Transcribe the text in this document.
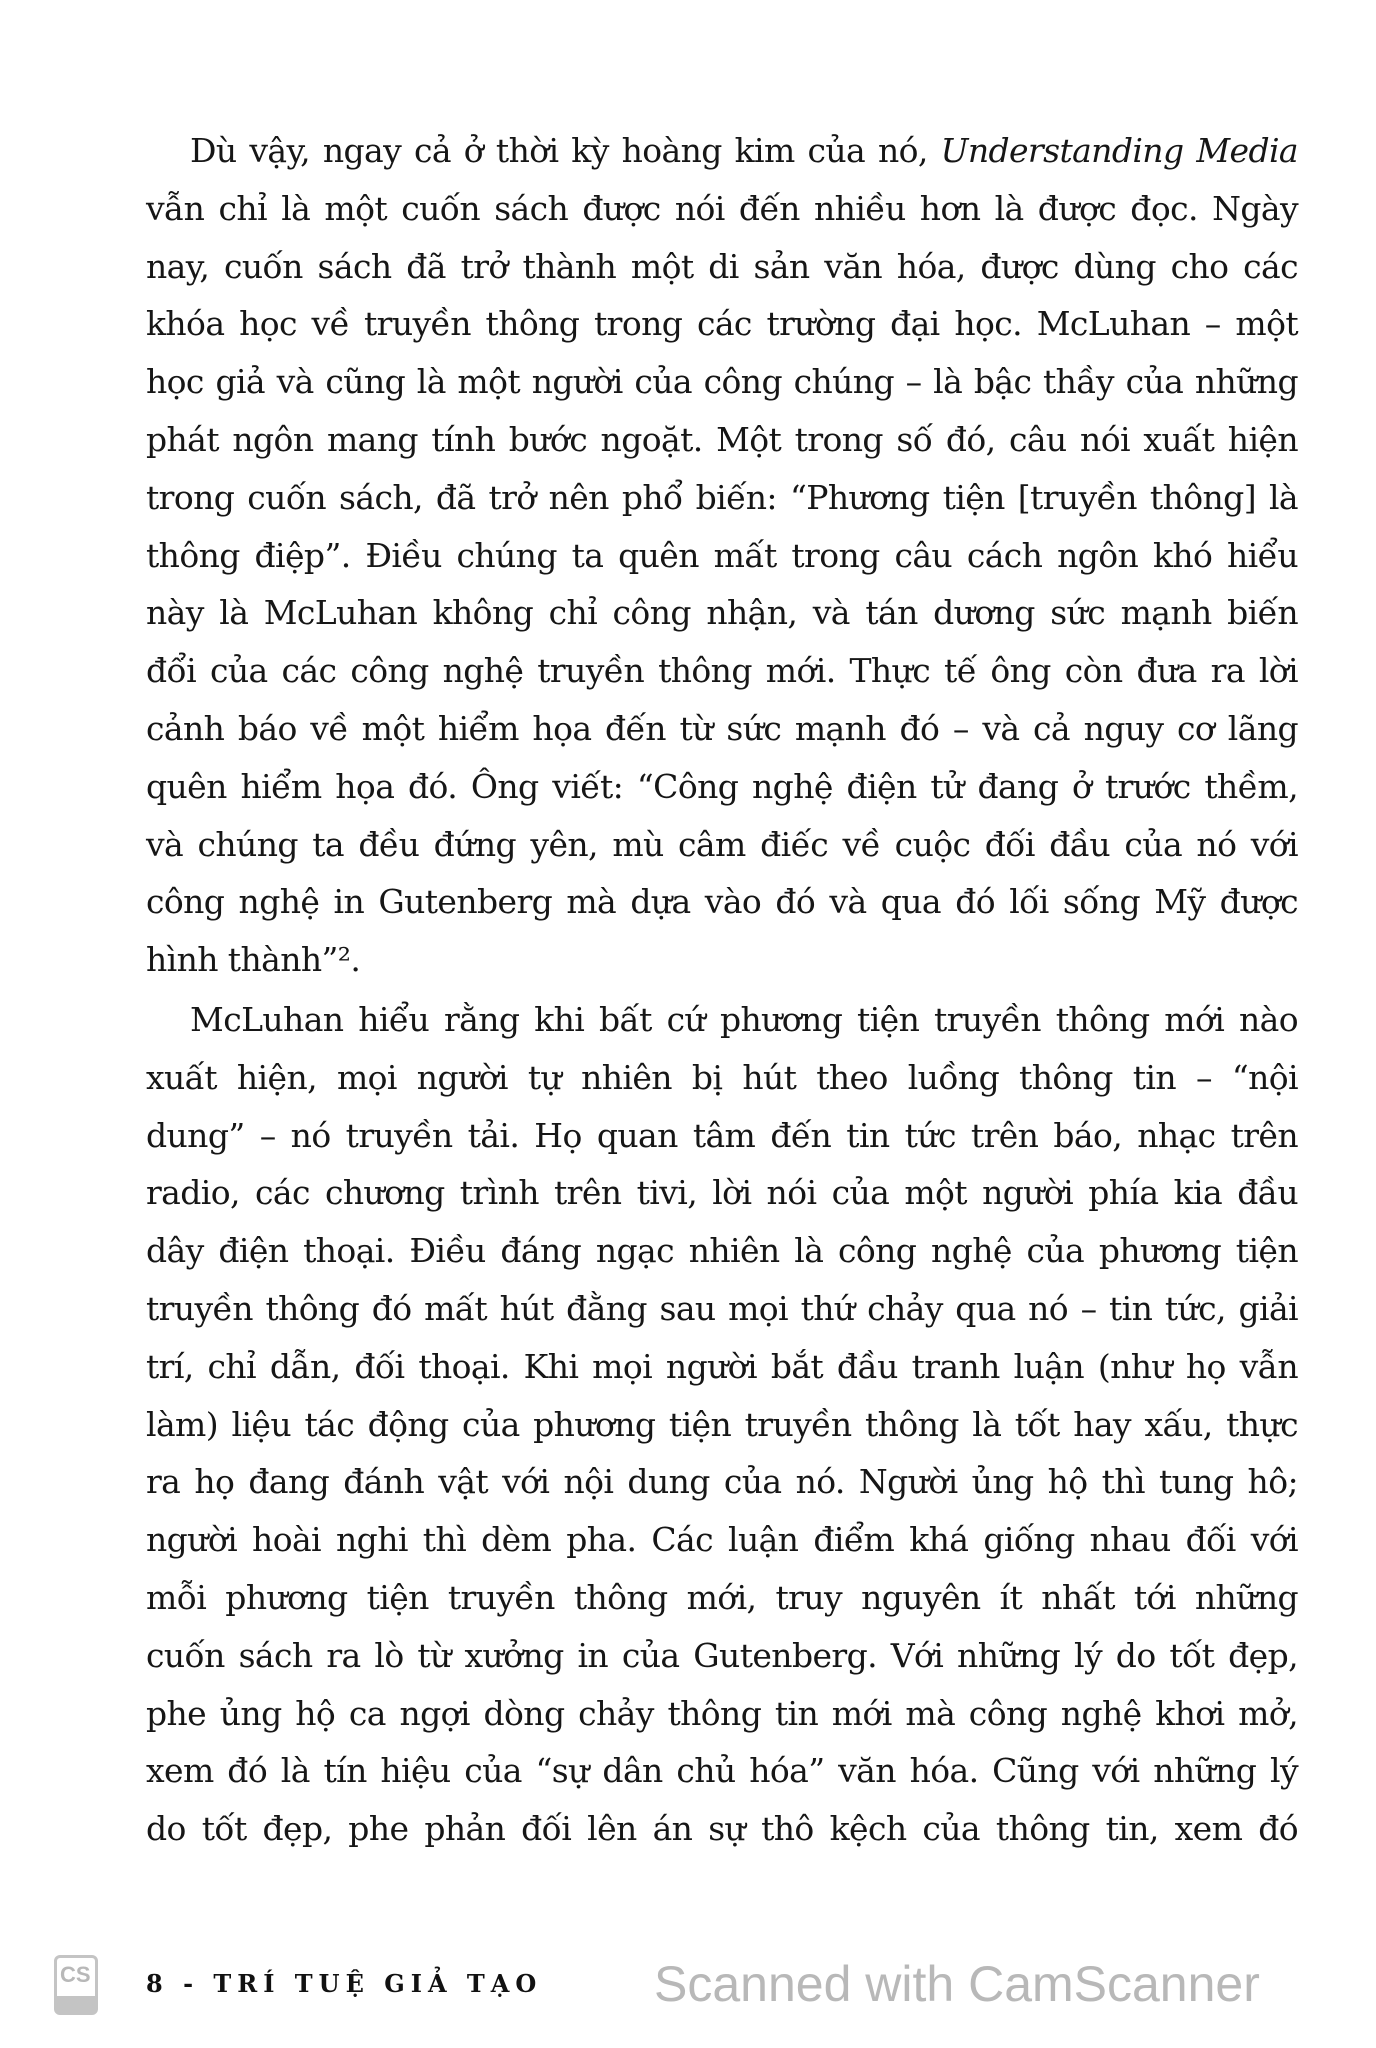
Dù vậy, ngay cả ở thời kỳ hoàng kim của nó, Understanding Media
vẫn chỉ là một cuốn sách được nói đến nhiều hơn là được đọc. Ngày
nay, cuốn sách đã trở thành một di sản văn hóa, được dùng cho các
khóa học về truyền thông trong các trường đại học. McLuhan – một
học giả và cũng là một người của công chúng – là bậc thầy của những
phát ngôn mang tính bước ngoặt. Một trong số đó, câu nói xuất hiện
trong cuốn sách, đã trở nên phổ biến: “Phương tiện [truyền thông] là
thông điệp”. Điều chúng ta quên mất trong câu cách ngôn khó hiểu
này là McLuhan không chỉ công nhận, và tán dương sức mạnh biến
đổi của các công nghệ truyền thông mới. Thực tế ông còn đưa ra lời
cảnh báo về một hiểm họa đến từ sức mạnh đó – và cả nguy cơ lãng
quên hiểm họa đó. Ông viết: “Công nghệ điện tử đang ở trước thềm,
và chúng ta đều đứng yên, mù câm điếc về cuộc đối đầu của nó với
công nghệ in Gutenberg mà dựa vào đó và qua đó lối sống Mỹ được
hình thành”².
McLuhan hiểu rằng khi bất cứ phương tiện truyền thông mới nào
xuất hiện, mọi người tự nhiên bị hút theo luồng thông tin – “nội
dung” – nó truyền tải. Họ quan tâm đến tin tức trên báo, nhạc trên
radio, các chương trình trên tivi, lời nói của một người phía kia đầu
dây điện thoại. Điều đáng ngạc nhiên là công nghệ của phương tiện
truyền thông đó mất hút đằng sau mọi thứ chảy qua nó – tin tức, giải
trí, chỉ dẫn, đối thoại. Khi mọi người bắt đầu tranh luận (như họ vẫn
làm) liệu tác động của phương tiện truyền thông là tốt hay xấu, thực
ra họ đang đánh vật với nội dung của nó. Người ủng hộ thì tung hô;
người hoài nghi thì dèm pha. Các luận điểm khá giống nhau đối với
mỗi phương tiện truyền thông mới, truy nguyên ít nhất tới những
cuốn sách ra lò từ xưởng in của Gutenberg. Với những lý do tốt đẹp,
phe ủng hộ ca ngợi dòng chảy thông tin mới mà công nghệ khơi mở,
xem đó là tín hiệu của “sự dân chủ hóa” văn hóa. Cũng với những lý
do tốt đẹp, phe phản đối lên án sự thô kệch của thông tin, xem đó
CS 8 - TRÍ TUỆ GIẢ TẠO Scanned with CamScanner
